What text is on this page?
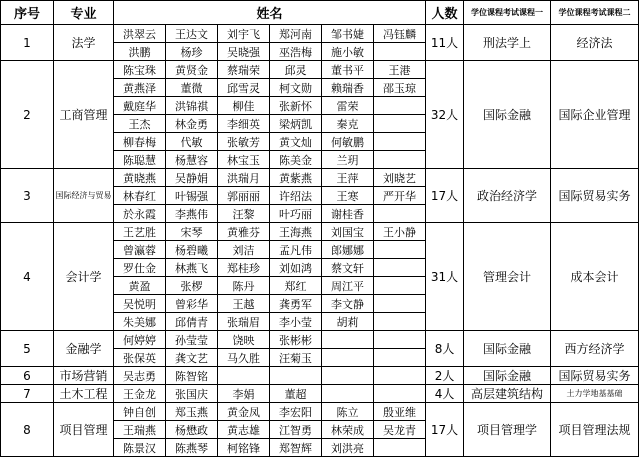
序号	专业	姓名						人数	学位课程考试课程一	学位课程考试课程二
1	法学	洪翠云	王达文	刘宇飞	郑河南	邹书婕	冯钰麟	11人	刑法学上	经济法
		洪鹏	杨珍	吴晓强	巫浩梅	施小敏				
2	工商管理	陈宝珠	黄贤金	蔡瑞荣	邱灵	董书平	王港	32人	国际金融	国际企业管理
		黄燕泽	董微	邱雪灵	柯文勋	赖瑞香	邵玉琼			
		戴庭华	洪锦祺	柳佳	张新怀	雷荣				
		王杰	林金勇	李细英	梁炳凯	秦克				
		柳春梅	代敏	张敏芳	黄文灿	何敏鹏				
		陈聪慧	杨慧容	林宝玉	陈美金	兰玥				
3	国际经济与贸易	黄晓燕	吴静娟	洪瑞月	黄紫燕	王萍	刘晓艺	17人	政治经济学	国际贸易实务
		林春红	叶锡强	郭丽丽	许绍法	王寒	严开华			
		於永霞	李燕伟	汪黎	叶巧丽	谢桂香				
4	会计学	王艺胜	宋琴	黄雅芬	王海燕	刘国宝	王小静	31人	管理会计	成本会计
		曾瀛蓉	杨碧曦	刘洁	孟凡伟	郎娜娜				
		罗仕金	林燕飞	郑桂珍	刘如鸿	蔡文轩				
		黄盈	张椤	陈丹	郑红	周江平				
		吴悦明	曾彩华	王越	龚勇军	李文静				
		朱美娜	邱倩青	张瑞眉	李小莹	胡莉				
5	金融学	何婷婷	孙莹莹	饶映	张彬彬			8人	国际金融	西方经济学
		张保英	龚文艺	马久胜	汪菊玉					
6	市场营销	吴志勇	陈智铭					2人	国际金融	国际贸易实务
7	土木工程	王金龙	张国庆	李娟	董超			4人	高层建筑结构	土力学地基基础
8	项目管理	钟自创	郑玉燕	黄金凤	李宏阳	陈立	殷亚维	17人	项目管理学	项目管理法规
		王瑞燕	杨懋政	黄志雄	江智勇	林荣成	吴龙青			
		陈景汉	陈燕琴	柯铭锋	郑智辉	刘洪亮				
